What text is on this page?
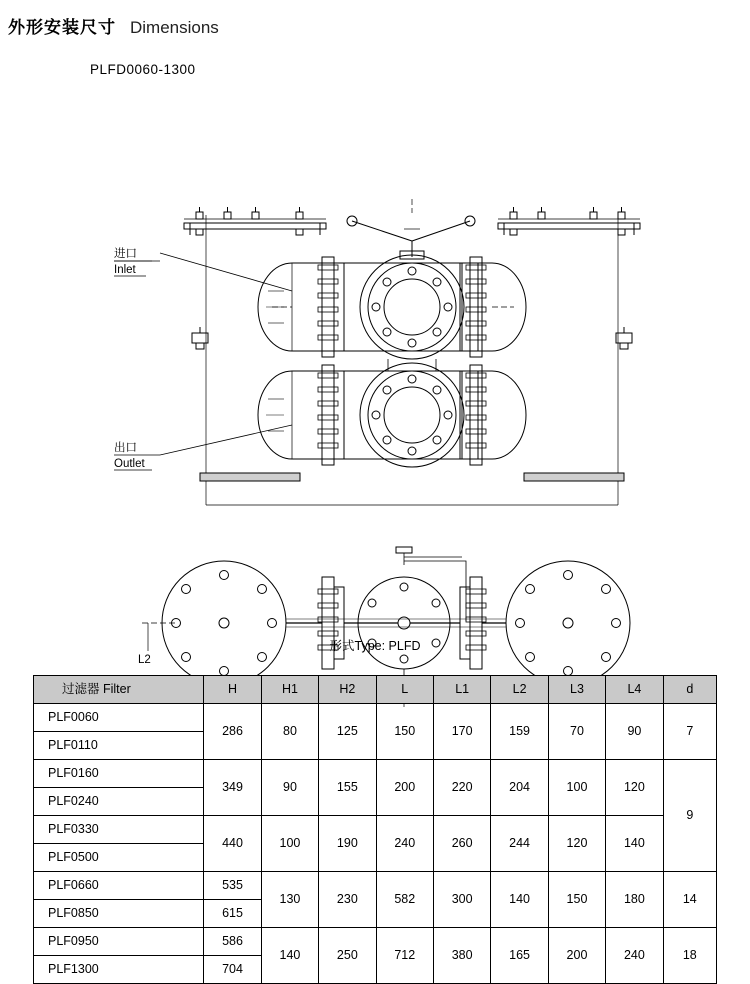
外形安装尺寸 Dimensions
PLFD0060-1300
进口
Inlet
出口
Outlet
L2
形式Type: PLFD
过滤器 Filter	H	H1	H2	L	L1	L2	L3	L4	d
PLF0060	286	80	125	150	170	159	70	90	7
PLF0110									
PLF0160	349	90	155	200	220	204	100	120	9
PLF0240									
PLF0330	440	100	190	240	260	244	120	140	
PLF0500									
PLF0660	535	130	230	582	300	140	150	180	14
PLF0850	615								
PLF0950	586	140	250	712	380	165	200	240	18
PLF1300	704								
